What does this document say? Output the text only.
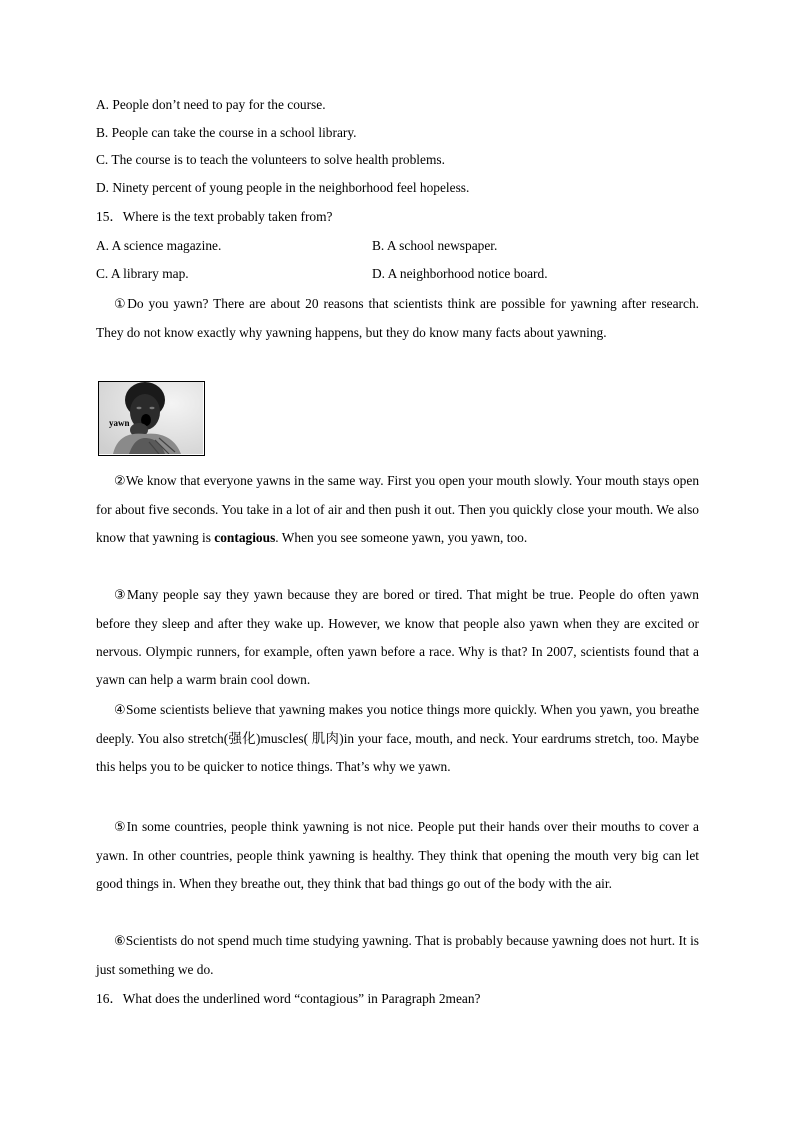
A. People don’t need to pay for the course.
B. People can take the course in a school library.
C. The course is to teach the volunteers to solve health problems.
D. Ninety percent of young people in the neighborhood feel hopeless.
15．Where is the text probably taken from?
A. A science magazine.	B. A school newspaper.
C. A library map.	D. A neighborhood notice board.
①Do you yawn? There are about 20 reasons that scientists think are possible for yawning after research. They do not know exactly why yawning happens, but they do know many facts about yawning.
yawn
②We know that everyone yawns in the same way. First you open your mouth slowly. Your mouth stays open for about five seconds. You take in a lot of air and then push it out. Then you quickly close your mouth. We also know that yawning is contagious. When you see someone yawn, you yawn, too.
③Many people say they yawn because they are bored or tired. That might be true. People do often yawn before they sleep and after they wake up. However, we know that people also yawn when they are excited or nervous. Olympic runners, for example, often yawn before a race. Why is that? In 2007, scientists found that a yawn can help a warm brain cool down.
④Some scientists believe that yawning makes you notice things more quickly. When you yawn, you breathe deeply. You also stretch(强化)muscles( 肌肉)in your face, mouth, and neck. Your eardrums stretch, too. Maybe this helps you to be quicker to notice things. That’s why we yawn.
⑤In some countries, people think yawning is not nice. People put their hands over their mouths to cover a yawn. In other countries, people think yawning is healthy. They think that opening the mouth very big can let good things in. When they breathe out, they think that bad things go out of the body with the air.
⑥Scientists do not spend much time studying yawning. That is probably because yawning does not hurt. It is just something we do.
16．What does the underlined word “contagious” in Paragraph 2mean?
